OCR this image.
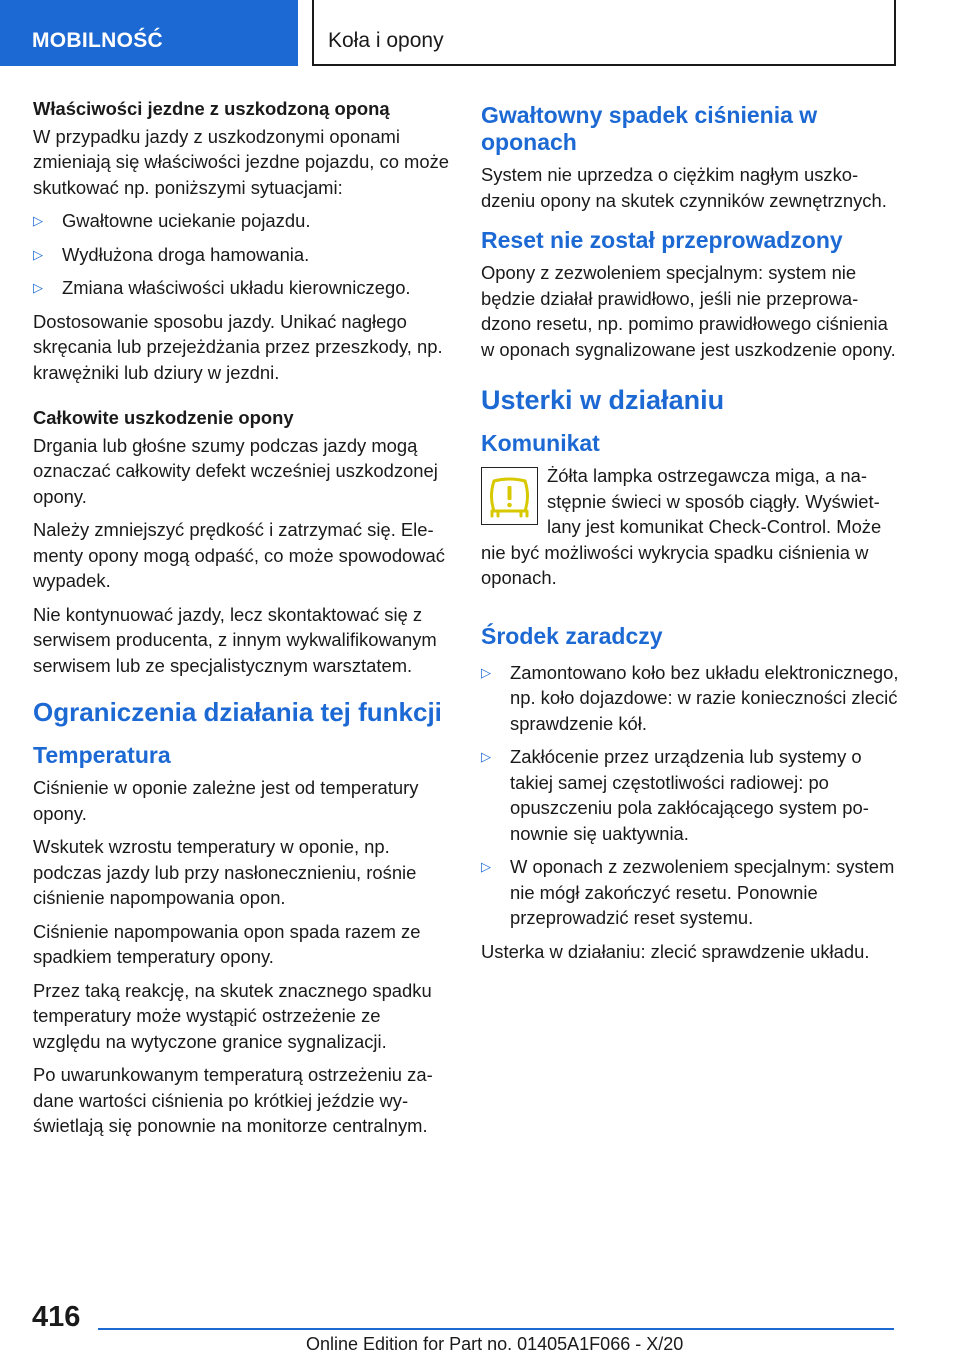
MOBILNOŚĆ	Koła i opony
Właściwości jezdne z uszkodzoną oponą

W przypadku jazdy z uszkodzonymi oponami zmieniają się właściwości jezdne pojazdu, co może skutkować np. poniższymi sytuacjami:

▷ Gwałtowne uciekanie pojazdu.
▷ Wydłużona droga hamowania.
▷ Zmiana właściwości układu kierowniczego.

Dostosowanie sposobu jazdy. Unikać nagłego skręcania lub przejeżdżania przez przeszkody, np. krawężniki lub dziury w jezdni.

Całkowite uszkodzenie opony

Drgania lub głośne szumy podczas jazdy mogą oznaczać całkowity defekt wcześniej uszkodzonej opony.

Należy zmniejszyć prędkość i zatrzymać się. Elementy opony mogą odpaść, co może spowodować wypadek.

Nie kontynuować jazdy, lecz skontaktować się z serwisem producenta, z innym wykwalifikowanym serwisem lub ze specjalistycznym warsztatem.

Ograniczenia działania tej funkcji
Temperatura

Ciśnienie w oponie zależne jest od temperatury opony.

Wskutek wzrostu temperatury w oponie, np. podczas jazdy lub przy nasłonecznieniu, rośnie ciśnienie napompowania opon.

Ciśnienie napompowania opon spada razem ze spadkiem temperatury opony.

Przez taką reakcję, na skutek znacznego spadku temperatury może wystąpić ostrzeżenie ze względu na wytyczone granice sygnalizacji.

Po uwarunkowanym temperaturą ostrzeżeniu zadane wartości ciśnienia po krótkiej jeździe wyświetlają się ponownie na monitorze centralnym.

Gwałtowny spadek ciśnienia w oponach

System nie uprzedza o ciężkim nagłym uszkodzeniu opony na skutek czynników zewnętrznych.

Reset nie został przeprowadzony

Opony z zezwoleniem specjalnym: system nie będzie działał prawidłowo, jeśli nie przeprowadzono resetu, np. pomimo prawidłowego ciśnienia w oponach sygnalizowane jest uszkodzenie opony.

Usterki w działaniu
Komunikat

Żółta lampka ostrzegawcza miga, a następnie świeci w sposób ciągły. Wyświetlany jest komunikat Check-Control. Może nie być możliwości wykrycia spadku ciśnienia w oponach.

Środek zaradczy
▷ Zamontowano koło bez układu elektronicznego, np. koło dojazdowe: w razie konieczności zlecić sprawdzenie kół.
▷ Zakłócenie przez urządzenia lub systemy o takiej samej częstotliwości radiowej: po opuszczeniu pola zakłócającego system ponownie się uaktywnia.
▷ W oponach z zezwoleniem specjalnym: system nie mógł zakończyć resetu. Ponownie przeprowadzić reset systemu.

Usterka w działaniu: zlecić sprawdzenie układu.

416
Online Edition for Part no. 01405A1F066 - X/20
